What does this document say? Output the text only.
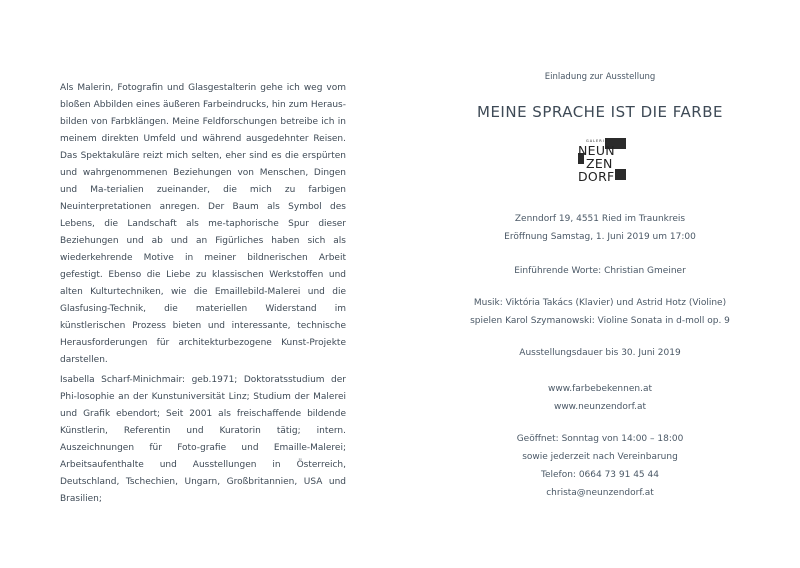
Als Malerin, Fotografin und Glasgestalterin gehe ich weg vom bloßen Abbilden eines äußeren Farbeindrucks, hin zum Heraus-bilden von Farbklängen. Meine Feldforschungen betreibe ich in meinem direkten Umfeld und während ausgedehnter Reisen. Das Spektakuläre reizt mich selten, eher sind es die erspürten und wahrgenommenen Beziehungen von Menschen, Dingen und Ma-terialien zueinander, die mich zu farbigen Neuinterpretationen anregen. Der Baum als Symbol des Lebens, die Landschaft als me-taphorische Spur dieser Beziehungen und ab und an Figürliches haben sich als wiederkehrende Motive in meiner bildnerischen Arbeit gefestigt. Ebenso die Liebe zu klassischen Werkstoffen und alten Kulturtechniken, wie die Emaillebild-Malerei und die Glasfusing-Technik, die materiellen Widerstand im künstlerischen Prozess bieten und interessante, technische Herausforderungen für architekturbezogene Kunst-Projekte darstellen.

Isabella Scharf-Minichmair: geb.1971; Doktoratsstudium der Phi-losophie an der Kunstuniversität Linz; Studium der Malerei und Grafik ebendort; Seit 2001 als freischaffende bildende Künstlerin, Referentin und Kuratorin tätig; intern. Auszeichnungen für Foto-grafie und Emaille-Malerei; Arbeitsaufenthalte und Ausstellungen in Österreich, Deutschland, Tschechien, Ungarn, Großbritannien, USA und Brasilien;

Einladung zur Ausstellung
MEINE SPRACHE IST DIE FARBE
GALERIE
NEUN
ZEN
DORF

Zenndorf 19, 4551 Ried im Traunkreis

Eröffnung Samstag, 1. Juni 2019 um 17:00

Einführende Worte: Christian Gmeiner

Musik: Viktória Takács (Klavier) und Astrid Hotz (Violine)

spielen Karol Szymanowski: Violine Sonata in d-moll op. 9

Ausstellungsdauer bis 30. Juni 2019

www.farbebekennen.at

www.neunzendorf.at

Geöffnet: Sonntag von 14:00 – 18:00

sowie jederzeit nach Vereinbarung

Telefon: 0664 73 91 45 44

christa@neunzendorf.at
